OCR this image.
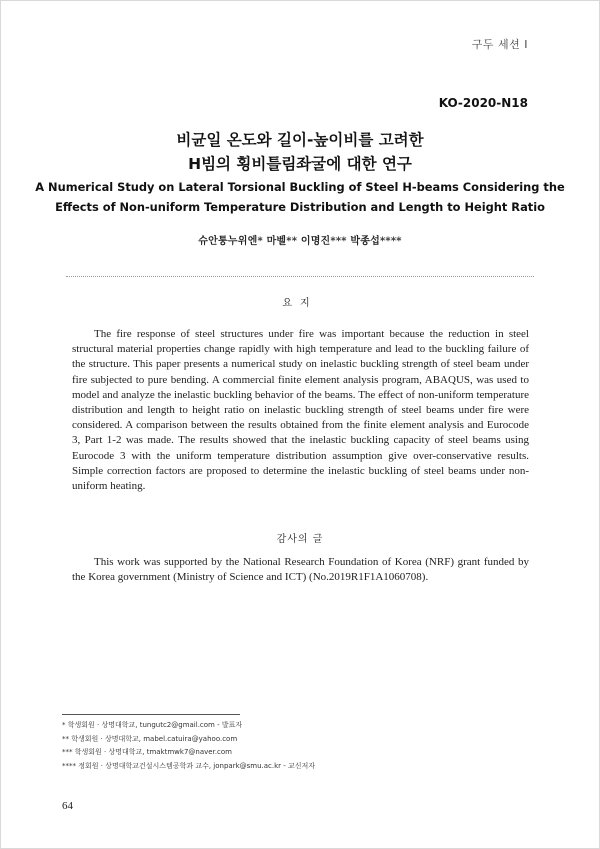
구두 세션 Ⅰ
KO-2020-N18
비균일 온도와 길이-높이비를 고려한
H빔의 횡비틀림좌굴에 대한 연구
A Numerical Study on Lateral Torsional Buckling of Steel H-beams Considering the
Effects of Non-uniform Temperature Distribution and Length to Height Ratio
슈안퉁누위엔* 마벨** 이명진*** 박종섭****
요지

The fire response of steel structures under fire was important because the reduction in steel structural material properties change rapidly with high temperature and lead to the buckling failure of the structure. This paper presents a numerical study on inelastic buckling strength of steel beam under fire subjected to pure bending. A commercial finite element analysis program, ABAQUS, was used to model and analyze the inelastic buckling behavior of the beams. The effect of non-uniform temperature distribution and length to height ratio on inelastic buckling strength of steel beams under fire were considered. A comparison between the results obtained from the finite element analysis and Eurocode 3, Part 1-2 was made. The results showed that the inelastic buckling capacity of steel beams using Eurocode 3 with the uniform temperature distribution assumption give over-conservative results. Simple correction factors are proposed to determine the inelastic buckling of steel beams under non-uniform heating.

감사의 글

This work was supported by the National Research Foundation of Korea (NRF) grant funded by the Korea government (Ministry of Science and ICT) (No.2019R1F1A1060708).

* 학생회원 · 상명대학교, tungutc2@gmail.com - 발표자
** 학생회원 · 상명대학교, mabel.catuira@yahoo.com
*** 학생회원 · 상명대학교, tmaktmwk7@naver.com
**** 정회원 · 상명대학교건설시스템공학과 교수, jonpark@smu.ac.kr - 교신저자
64
